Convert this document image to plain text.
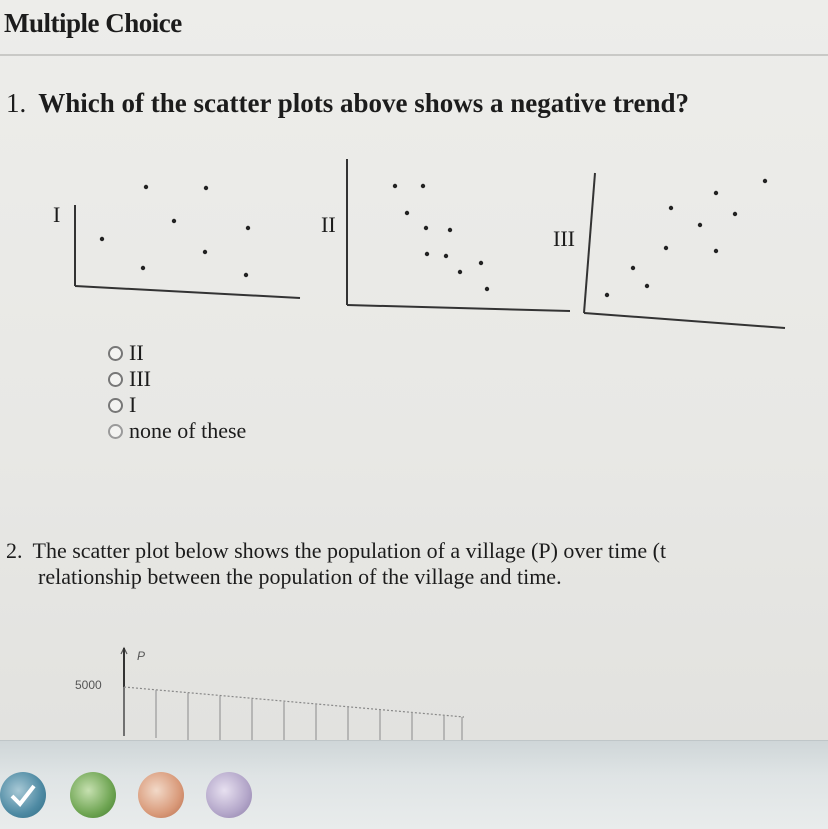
Multiple Choice
1. Which of the scatter plots above shows a negative trend?
I	II
III
II
III
I
none of these
2. The scatter plot below shows the population of a village (P) over time (t
relationship between the population of the village and time.
P
5000
